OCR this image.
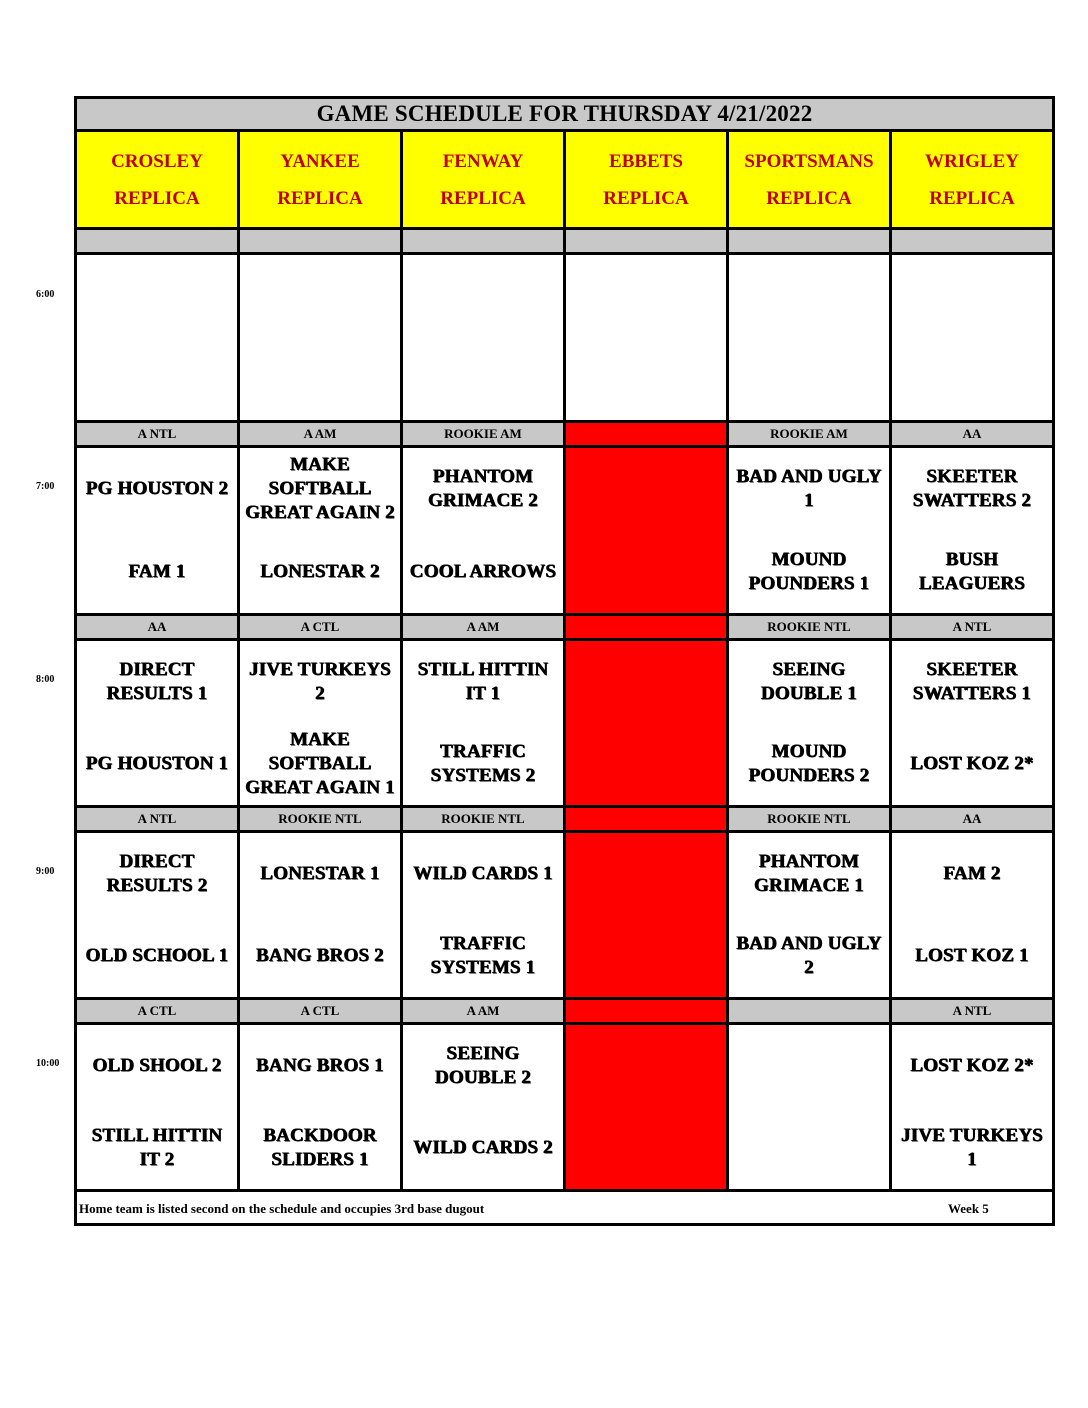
GAME SCHEDULE FOR THURSDAY 4/21/2022
CROSLEY
REPLICA
YANKEE
REPLICA
FENWAY
REPLICA
EBBETS
REPLICA
SPORTSMANS
REPLICA
WRIGLEY
REPLICA
A NTL
PG HOUSTON 2
FAM 1
A AM
MAKE SOFTBALL GREAT AGAIN 2
LONESTAR 2
ROOKIE AM
PHANTOM GRIMACE 2
COOL ARROWS
ROOKIE AM
BAD AND UGLY 1
MOUND POUNDERS 1
AA
SKEETER SWATTERS 2
BUSH LEAGUERS
AA
DIRECT RESULTS 1
PG HOUSTON 1
A CTL
JIVE TURKEYS 2
MAKE SOFTBALL GREAT AGAIN 1
A AM
STILL HITTIN IT 1
TRAFFIC SYSTEMS 2
ROOKIE NTL
SEEING DOUBLE 1
MOUND POUNDERS 2
A NTL
SKEETER SWATTERS 1
LOST KOZ 2*
A NTL
DIRECT RESULTS 2
OLD SCHOOL 1
ROOKIE NTL
LONESTAR 1
BANG BROS 2
ROOKIE NTL
WILD CARDS 1
TRAFFIC SYSTEMS 1
ROOKIE NTL
PHANTOM GRIMACE 1
BAD AND UGLY 2
AA
FAM 2
LOST KOZ 1
A CTL
OLD SHOOL 2
STILL HITTIN IT 2
A CTL
BANG BROS 1
BACKDOOR SLIDERS 1
A AM
SEEING DOUBLE 2
WILD CARDS 2
A NTL
LOST KOZ 2*
JIVE TURKEYS 1
Home team is listed second on the schedule and occupies 3rd base dugout	Week 5
6:00
7:00
8:00
9:00
10:00
